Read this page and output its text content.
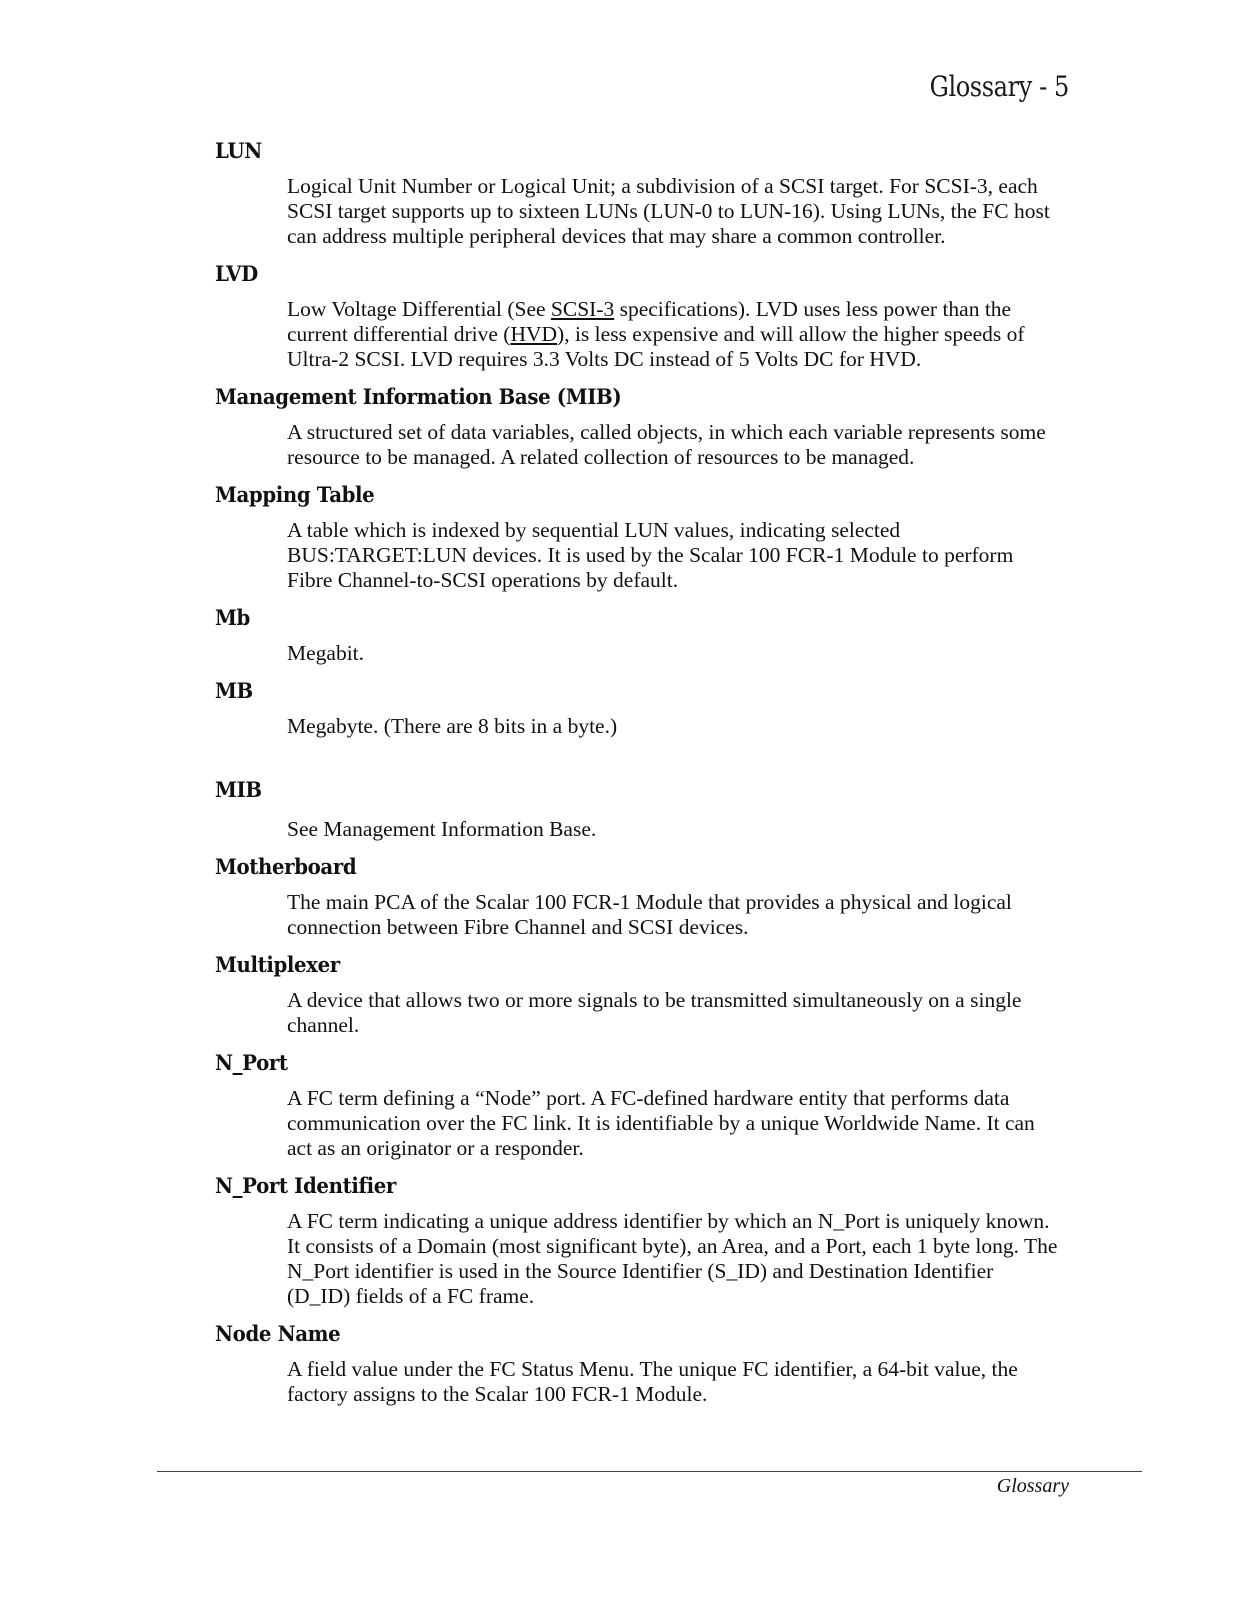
Glossary - 5
LUN
Logical Unit Number or Logical Unit; a subdivision of a SCSI target. For SCSI-3, each
SCSI target supports up to sixteen LUNs (LUN-0 to LUN-16). Using LUNs, the FC host
can address multiple peripheral devices that may share a common controller.
LVD
Low Voltage Differential (See SCSI-3 specifications). LVD uses less power than the
current differential drive (HVD), is less expensive and will allow the higher speeds of
Ultra-2 SCSI. LVD requires 3.3 Volts DC instead of 5 Volts DC for HVD.
Management Information Base (MIB)
A structured set of data variables, called objects, in which each variable represents some
resource to be managed. A related collection of resources to be managed.
Mapping Table
A table which is indexed by sequential LUN values, indicating selected
BUS:TARGET:LUN devices. It is used by the Scalar 100 FCR-1 Module to perform
Fibre Channel-to-SCSI operations by default.
Mb
Megabit.
MB
Megabyte. (There are 8 bits in a byte.)
MIB
See Management Information Base.
Motherboard
The main PCA of the Scalar 100 FCR-1 Module that provides a physical and logical
connection between Fibre Channel and SCSI devices.
Multiplexer
A device that allows two or more signals to be transmitted simultaneously on a single
channel.
N_Port
A FC term defining a “Node” port. A FC-defined hardware entity that performs data
communication over the FC link. It is identifiable by a unique Worldwide Name. It can
act as an originator or a responder.
N_Port Identifier
A FC term indicating a unique address identifier by which an N_Port is uniquely known.
It consists of a Domain (most significant byte), an Area, and a Port, each 1 byte long. The
N_Port identifier is used in the Source Identifier (S_ID) and Destination Identifier
(D_ID) fields of a FC frame.
Node Name
A field value under the FC Status Menu. The unique FC identifier, a 64-bit value, the
factory assigns to the Scalar 100 FCR-1 Module.
Glossary
